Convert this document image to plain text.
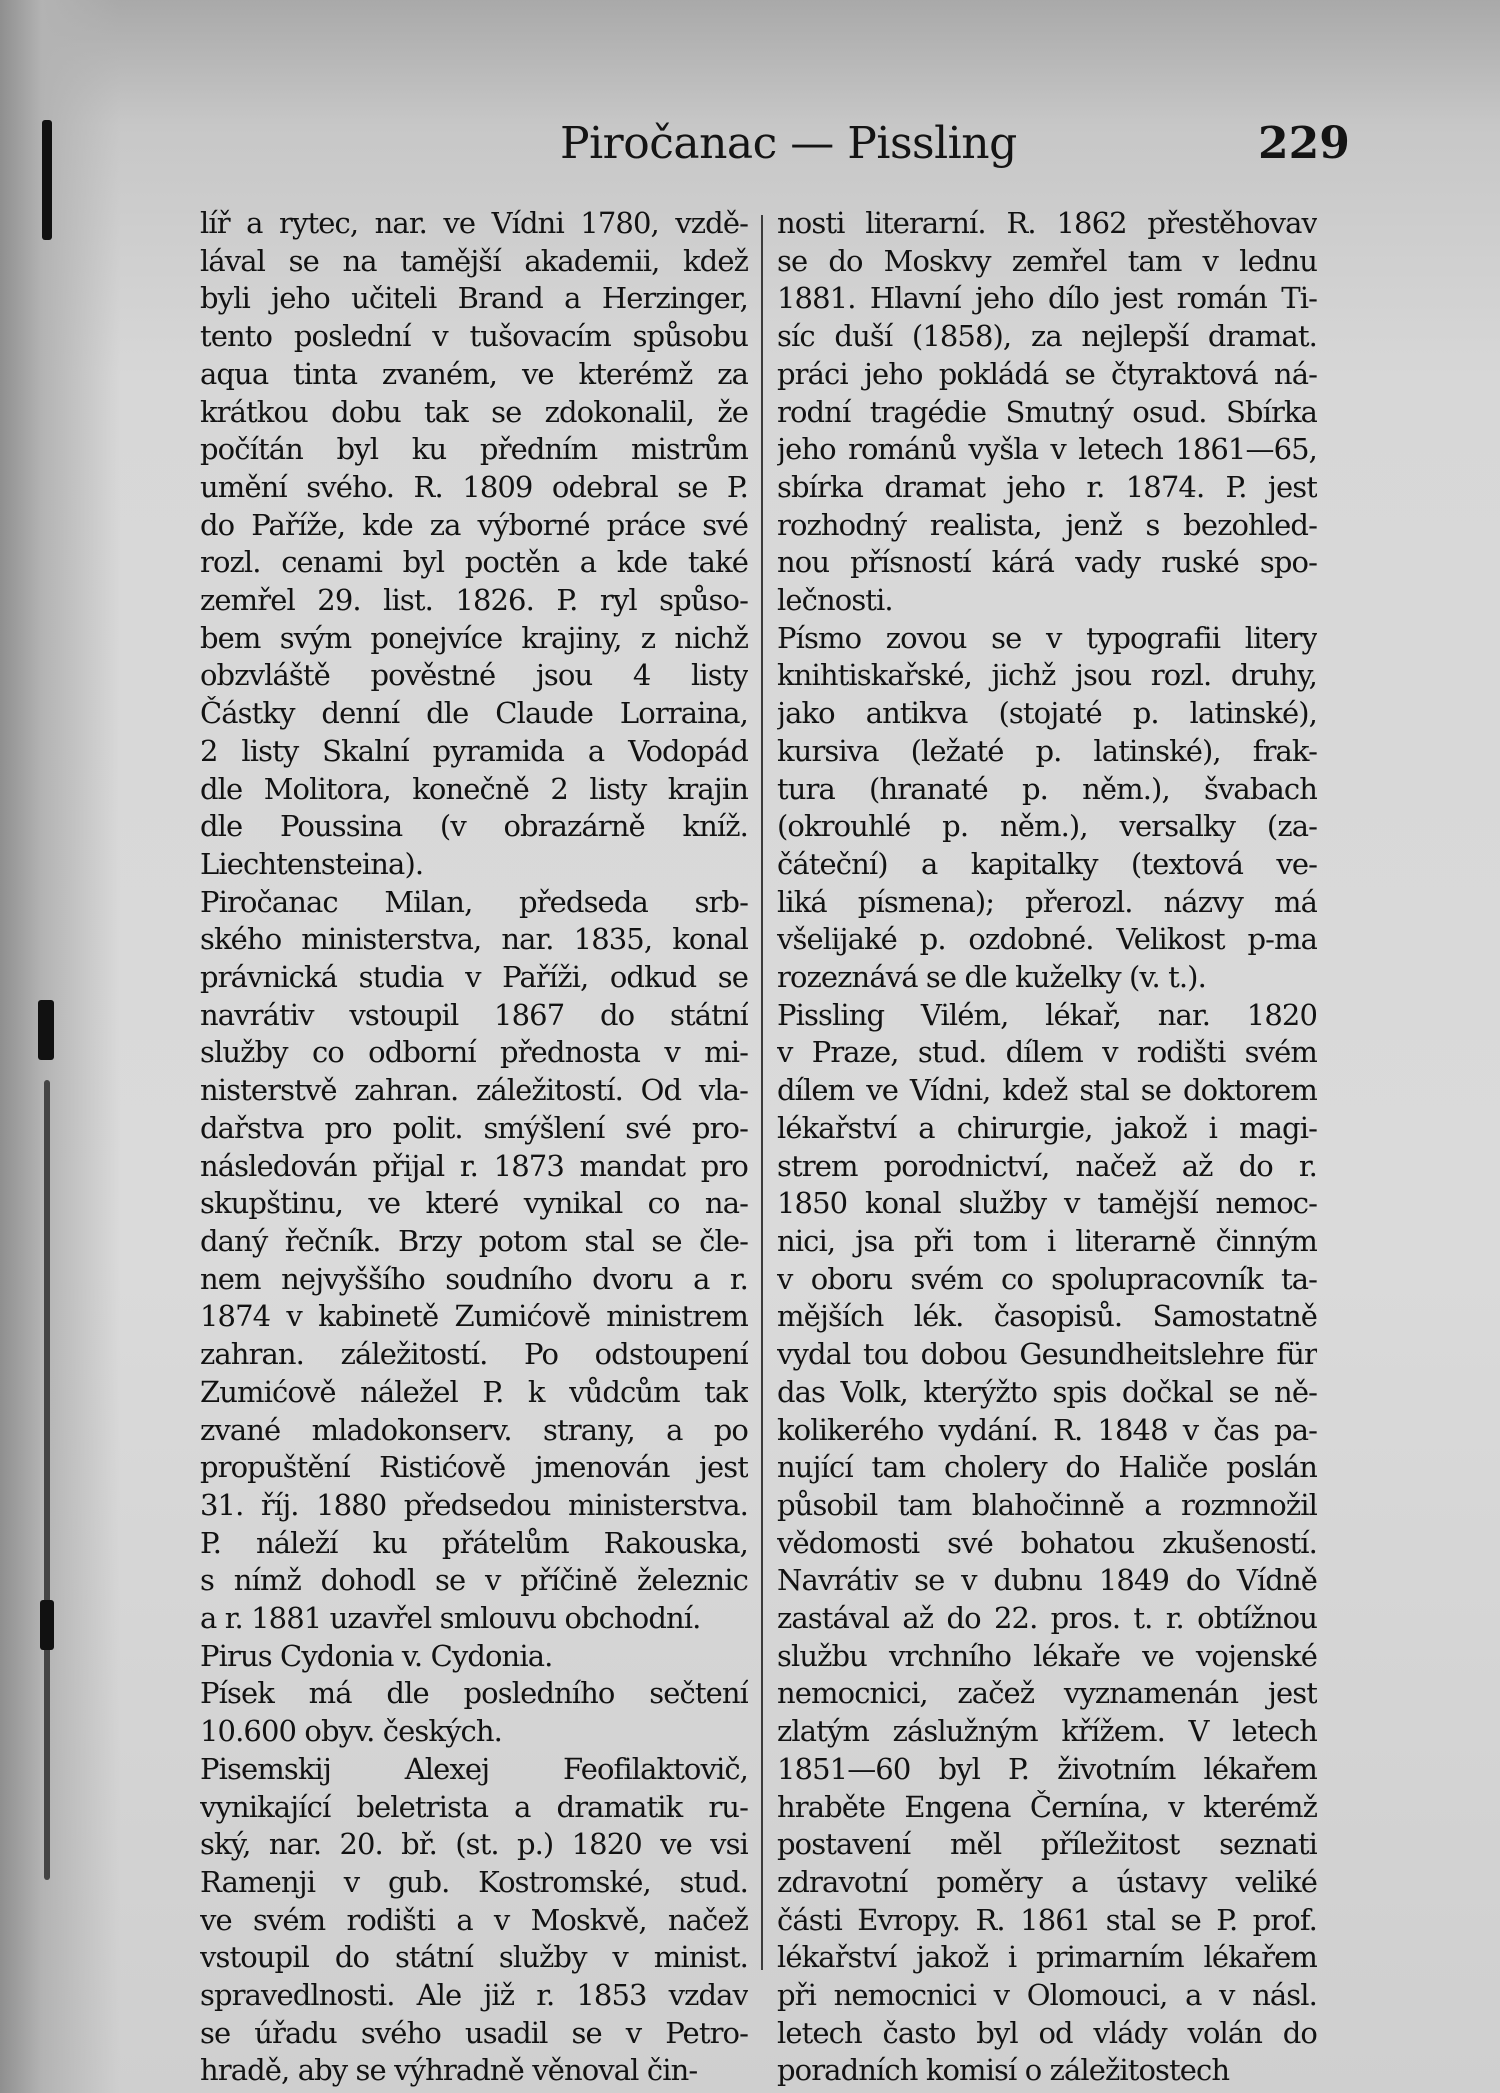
Piročanac — Pissling	229
líř a rytec, nar. ve Vídni 1780, vzdě-
lával se na tamější akademii, kdež
byli jeho učiteli Brand a Herzinger,
tento poslední v tušovacím spůsobu
aqua tinta zvaném, ve kterémž za
krátkou dobu tak se zdokonalil, že
počítán byl ku předním mistrům
umění svého. R. 1809 odebral se P.
do Paříže, kde za výborné práce své
rozl. cenami byl poctěn a kde také
zemřel 29. list. 1826. P. ryl spůso-
bem svým ponejvíce krajiny, z nichž
obzvláště pověstné jsou 4 listy
Částky denní dle Claude Lorraina,
2 listy Skalní pyramida a Vodopád
dle Molitora, konečně 2 listy krajin
dle Poussina (v obrazárně kníž.
Liechtensteina).
Piročanac Milan, předseda srb-
ského ministerstva, nar. 1835, konal
právnická studia v Paříži, odkud se
navrátiv vstoupil 1867 do státní
služby co odborní přednosta v mi-
nisterstvě zahran. záležitostí. Od vla-
dařstva pro polit. smýšlení své pro-
následován přijal r. 1873 mandat pro
skupštinu, ve které vynikal co na-
daný řečník. Brzy potom stal se čle-
nem nejvyššího soudního dvoru a r.
1874 v kabinetě Zumićově ministrem
zahran. záležitostí. Po odstoupení
Zumićově náležel P. k vůdcům tak
zvané mladokonserv. strany, a po
propuštění Ristićově jmenován jest
31. říj. 1880 předsedou ministerstva.
P. náleží ku přátelům Rakouska,
s nímž dohodl se v příčině železnic
a r. 1881 uzavřel smlouvu obchodní.
Pirus Cydonia v. Cydonia.
Písek má dle posledního sečtení
10.600 obyv. českých.
Pisemskij Alexej Feofilaktovič,
vynikající beletrista a dramatik ru-
ský, nar. 20. bř. (st. p.) 1820 ve vsi
Ramenji v gub. Kostromské, stud.
ve svém rodišti a v Moskvě, načež
vstoupil do státní služby v minist.
spravedlnosti. Ale již r. 1853 vzdav
se úřadu svého usadil se v Petro-
hradě, aby se výhradně věnoval čin-
nosti literarní. R. 1862 přestěhovav
se do Moskvy zemřel tam v lednu
1881. Hlavní jeho dílo jest román Ti-
síc duší (1858), za nejlepší dramat.
práci jeho pokládá se čtyraktová ná-
rodní tragédie Smutný osud. Sbírka
jeho románů vyšla v letech 1861—65,
sbírka dramat jeho r. 1874. P. jest
rozhodný realista, jenž s bezohled-
nou přísností kárá vady ruské spo-
lečnosti.
Písmo zovou se v typografii litery
knihtiskařské, jichž jsou rozl. druhy,
jako antikva (stojaté p. latinské),
kursiva (ležaté p. latinské), frak-
tura (hranaté p. něm.), švabach
(okrouhlé p. něm.), versalky (za-
čáteční) a kapitalky (textová ve-
liká písmena); přerozl. názvy má
všelijaké p. ozdobné. Velikost p-ma
rozeznává se dle kuželky (v. t.).
Pissling Vilém, lékař, nar. 1820
v Praze, stud. dílem v rodišti svém
dílem ve Vídni, kdež stal se doktorem
lékařství a chirurgie, jakož i magi-
strem porodnictví, načež až do r.
1850 konal služby v tamější nemoc-
nici, jsa při tom i literarně činným
v oboru svém co spolupracovník ta-
mějších lék. časopisů. Samostatně
vydal tou dobou Gesundheitslehre für
das Volk, kterýžto spis dočkal se ně-
kolikerého vydání. R. 1848 v čas pa-
nující tam cholery do Haliče poslán
působil tam blahočinně a rozmnožil
vědomosti své bohatou zkušeností.
Navrátiv se v dubnu 1849 do Vídně
zastával až do 22. pros. t. r. obtížnou
službu vrchního lékaře ve vojenské
nemocnici, začež vyznamenán jest
zlatým záslužným křížem. V letech
1851—60 byl P. životním lékařem
hraběte Engena Černína, v kterémž
postavení měl příležitost seznati
zdravotní poměry a ústavy veliké
části Evropy. R. 1861 stal se P. prof.
lékařství jakož i primarním lékařem
při nemocnici v Olomouci, a v násl.
letech často byl od vlády volán do
poradních komisí o záležitostech
